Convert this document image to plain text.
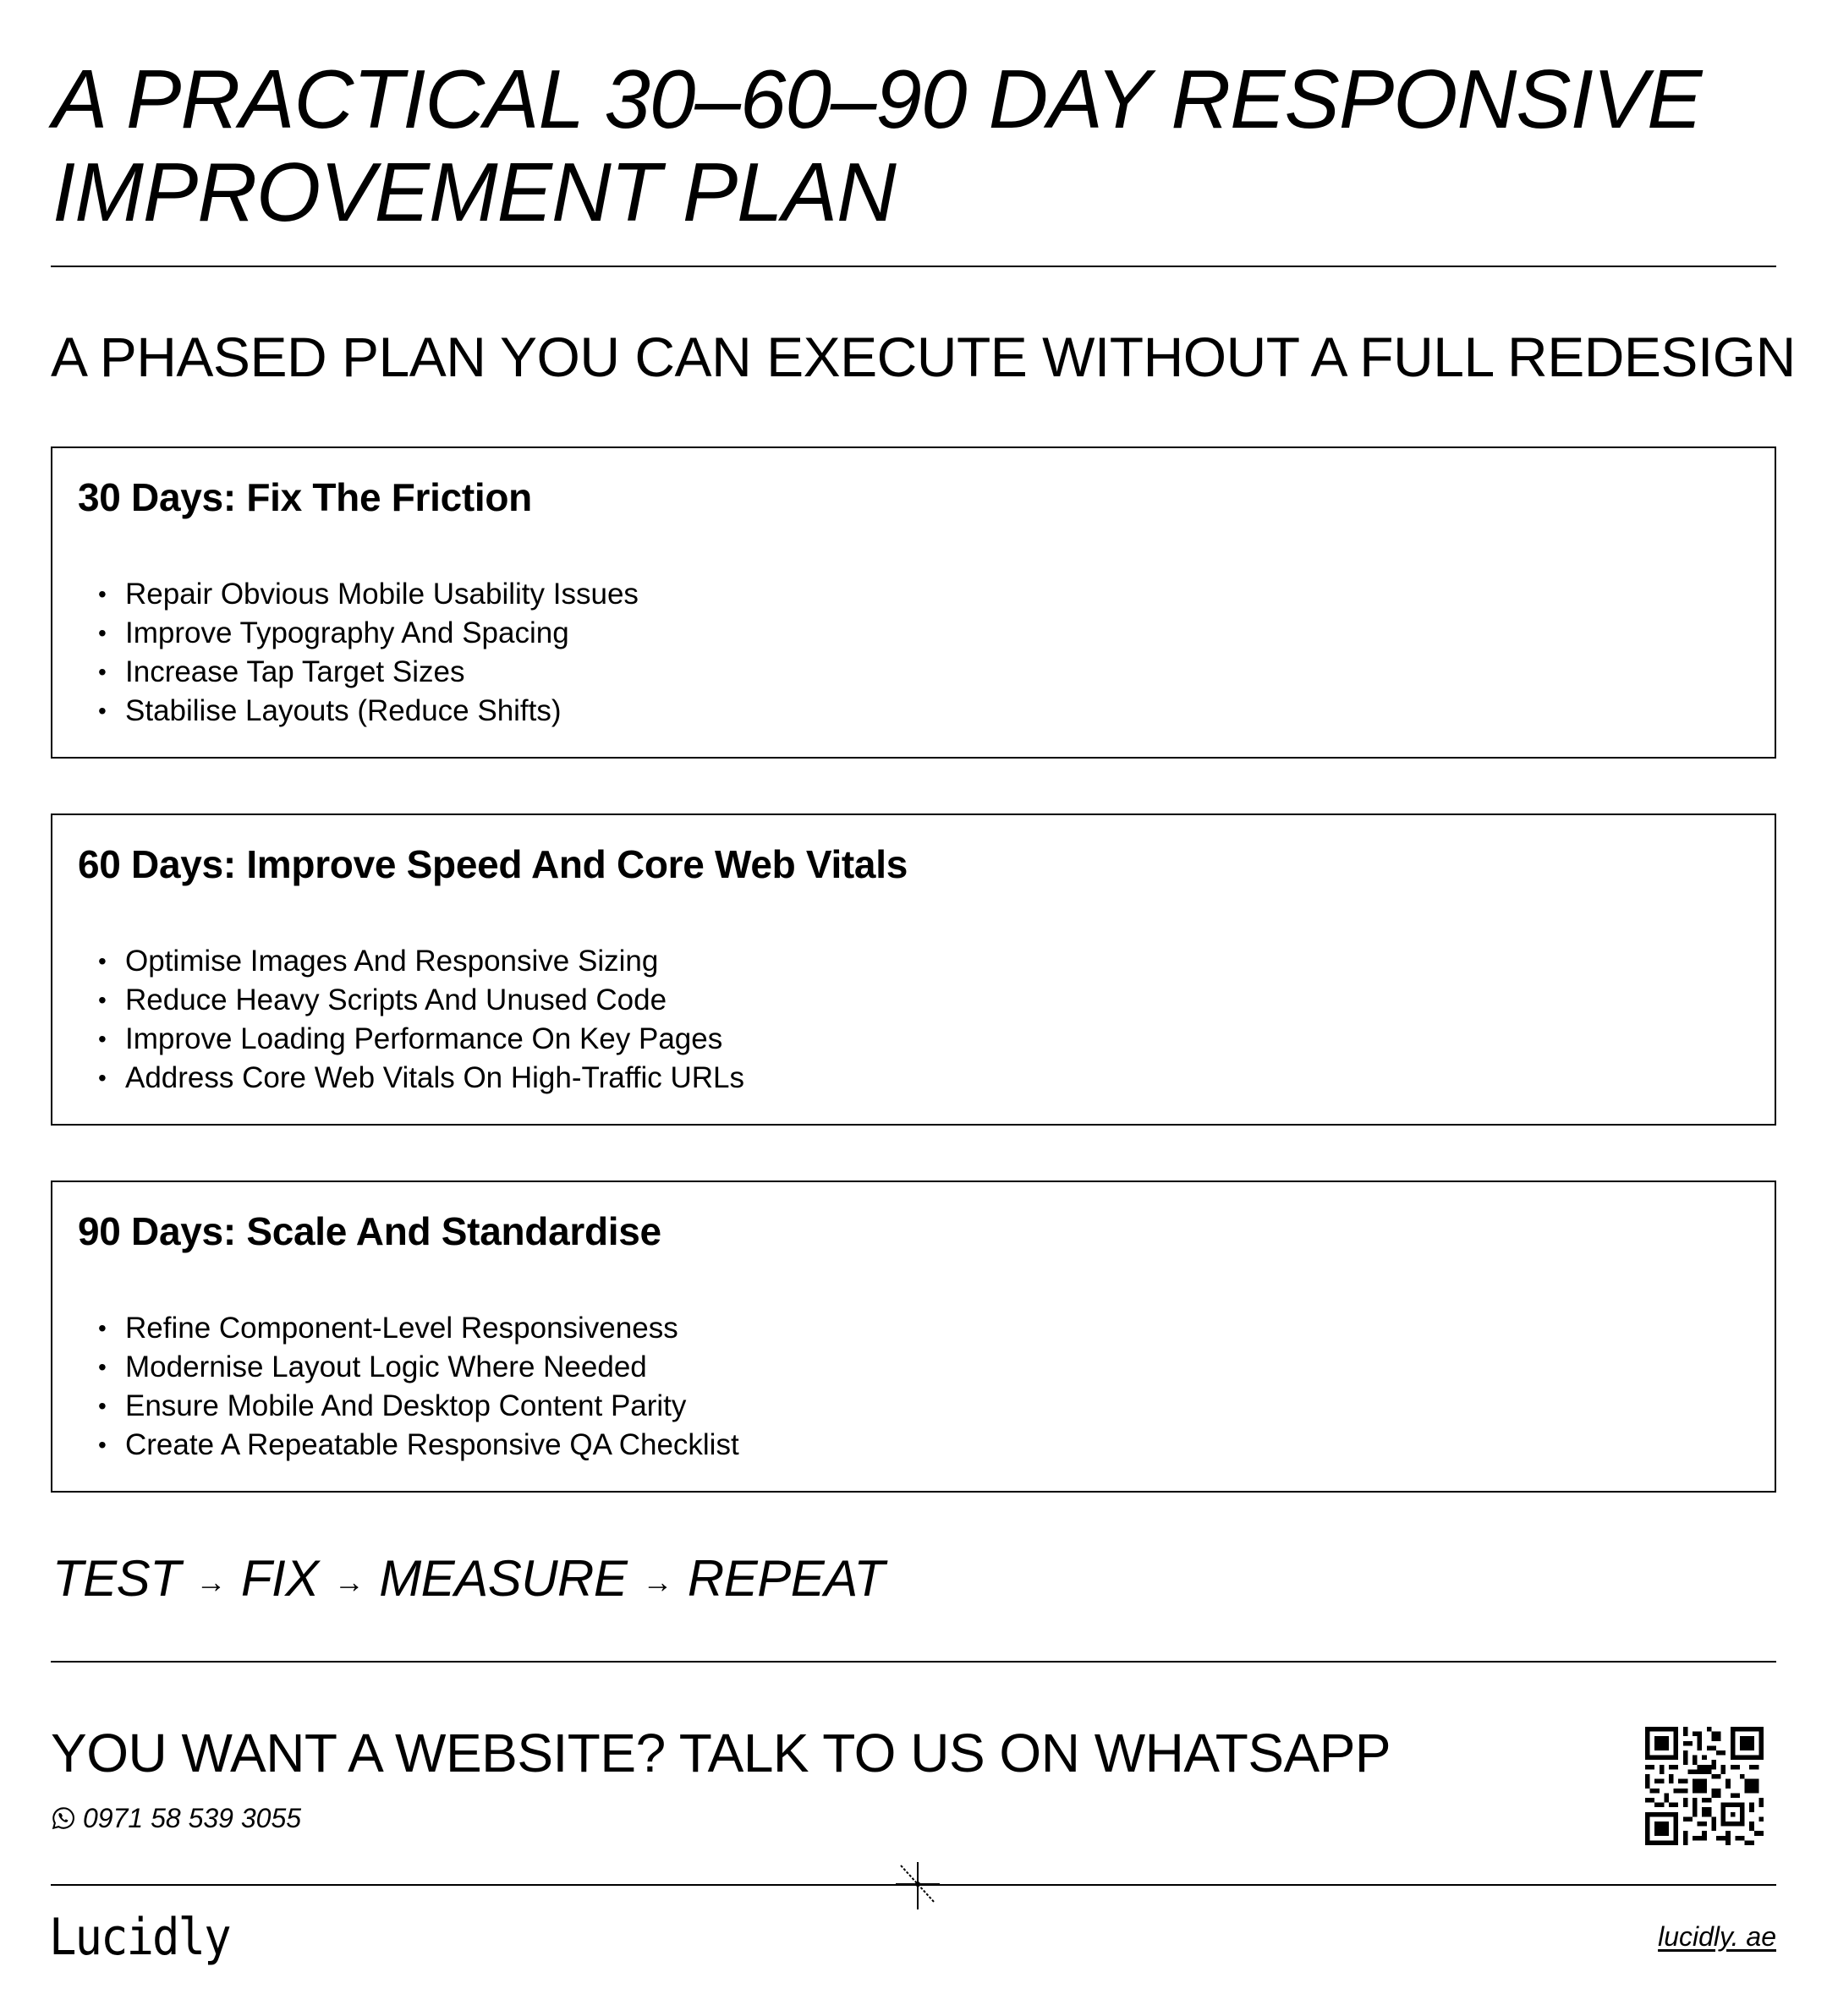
A PRACTICAL 30–60–90 DAY RESPONSIVE IMPROVEMENT PLAN
A PHASED PLAN YOU CAN EXECUTE WITHOUT A FULL REDESIGN
30 Days: Fix The Friction
• Repair Obvious Mobile Usability Issues
• Improve Typography And Spacing
• Increase Tap Target Sizes
• Stabilise Layouts (Reduce Shifts)
60 Days: Improve Speed And Core Web Vitals
• Optimise Images And Responsive Sizing
• Reduce Heavy Scripts And Unused Code
• Improve Loading Performance On Key Pages
• Address Core Web Vitals On High-Traffic URLs
90 Days: Scale And Standardise
• Refine Component-Level Responsiveness
• Modernise Layout Logic Where Needed
• Ensure Mobile And Desktop Content Parity
• Create A Repeatable Responsive QA Checklist
TEST → FIX → MEASURE → REPEAT
YOU WANT A WEBSITE? TALK TO US ON WHATSAPP
0971 58 539 3055
Lucidly	lucidly. ae
